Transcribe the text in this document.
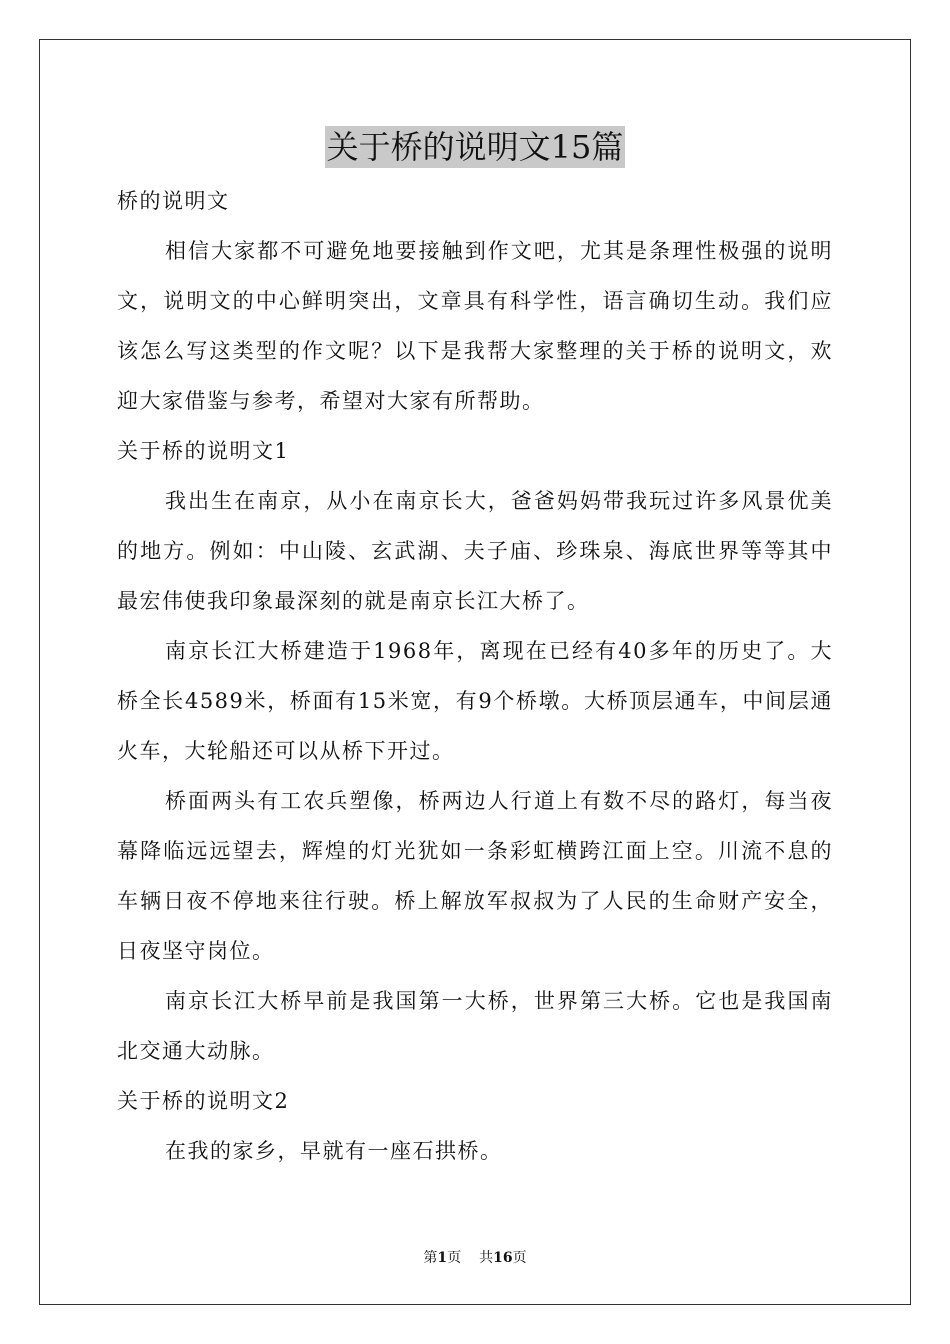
关于桥的说明文15篇
桥的说明文
相信大家都不可避免地要接触到作文吧，尤其是条理性极强的说明文，说明文的中心鲜明突出，文章具有科学性，语言确切生动。我们应该怎么写这类型的作文呢？以下是我帮大家整理的关于桥的说明文，欢迎大家借鉴与参考，希望对大家有所帮助。
关于桥的说明文1
我出生在南京，从小在南京长大，爸爸妈妈带我玩过许多风景优美的地方。例如：中山陵、玄武湖、夫子庙、珍珠泉、海底世界等等其中最宏伟使我印象最深刻的就是南京长江大桥了。
南京长江大桥建造于1968年，离现在已经有40多年的历史了。大桥全长4589米，桥面有15米宽，有9个桥墩。大桥顶层通车，中间层通火车，大轮船还可以从桥下开过。
桥面两头有工农兵塑像，桥两边人行道上有数不尽的路灯，每当夜幕降临远远望去，辉煌的灯光犹如一条彩虹横跨江面上空。川流不息的车辆日夜不停地来往行驶。桥上解放军叔叔为了人民的生命财产安全，日夜坚守岗位。
南京长江大桥早前是我国第一大桥，世界第三大桥。它也是我国南北交通大动脉。
关于桥的说明文2
在我的家乡，早就有一座石拱桥。
第1页 共16页
